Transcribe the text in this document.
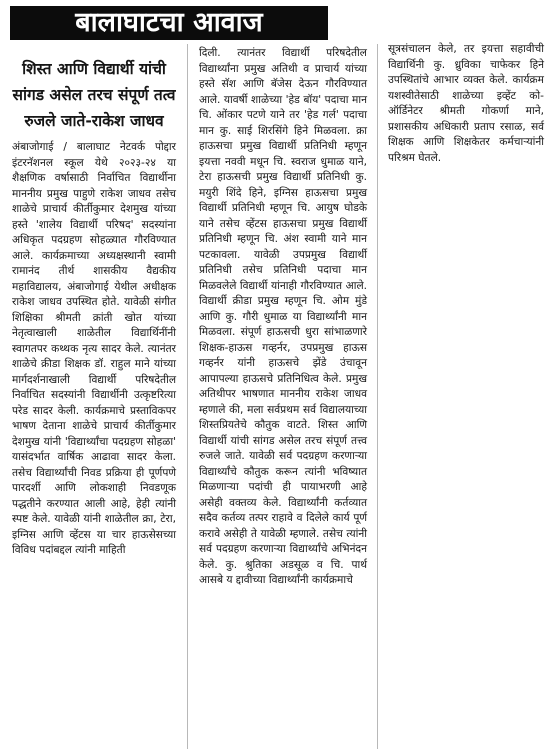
बालाघाटचा आवाज
शिस्त आणि विद्यार्थी यांची
सांगड असेल तरच संपूर्ण तत्व
रुजले जाते-राकेश जाधव

अंबाजोगाई / बालाघाट नेटवर्क पोद्दार इंटरनॅशनल स्कूल येथे २०२३-२४ या शैक्षणिक वर्षासाठी निर्वाचित विद्यार्थीना माननीय प्रमुख पाहुणे राकेश जाधव तसेच शाळेचे प्राचार्य कीर्तीकुमार देशमुख यांच्या हस्ते 'शालेय विद्यार्थी परिषद' सदस्यांना अधिकृत पदग्रहण सोहळ्यात गौरविण्यात आले. कार्यक्रमाच्या अध्यक्षस्थानी स्वामी रामानंद तीर्थ शासकीय वैद्यकीय महाविद्यालय, अंबाजोगाई येथील अधीक्षक राकेश जाधव उपस्थित होते. यावेळी संगीत शिक्षिका श्रीमती क्रांती खोत यांच्या नेतृत्वाखाली शाळेतील विद्यार्थिनींनी स्वागतपर कथ्थक नृत्य सादर केले. त्यानंतर शाळेचे क्रीडा शिक्षक डॉ. राहुल माने यांच्या मार्गदर्शनाखाली विद्यार्थी परिषदेतील निर्वाचित सदस्यांनी विद्यार्थीनी उत्कृष्टरित्या परेड सादर केली. कार्यक्रमाचे प्रस्ताविकपर भाषण देताना शाळेचे प्राचार्य कीर्तीकुमार देशमुख यांनी 'विद्यार्थ्यांचा पदग्रहण सोहळा' यासंदर्भात वार्षिक आढावा सादर केला. तसेच विद्यार्थ्यांची निवड प्रक्रिया ही पूर्णपणे पारदर्शी आणि लोकशाही निवडणूक पद्धतीने करण्यात आली आहे, हेही त्यांनी स्पष्ट केले. यावेळी यांनी शाळेतील क्रा, टेरा, इग्निस आणि व्हेंटस या चार हाऊसेसच्या विविध पदांबद्दल त्यांनी माहिती

दिली. त्यानंतर विद्यार्थी परिषदेतील विद्यार्थ्यांना प्रमुख अतिथी व प्राचार्य यांच्या हस्ते सॅश आणि बॅजेस देऊन गौरविण्यात आले. यावर्षी शाळेच्या 'हेड बॉय' पदाचा मान चि. ओंकार पटणे याने तर 'हेड गर्ल' पदाचा मान कु. साई शिरसिंगे हिने मिळवला. क्रा हाऊसचा प्रमुख विद्यार्थी प्रतिनिधी म्हणून इयत्ता नववी मधून चि. स्वराज धुमाळ याने, टेरा हाऊसची प्रमुख विद्यार्थी प्रतिनिधी कु. मयुरी शिंदे हिने, इग्निस हाऊसचा प्रमुख विद्यार्थी प्रतिनिधी म्हणून चि. आयुष घोडके याने तसेच व्हेंटस हाऊसचा प्रमुख विद्यार्थी प्रतिनिधी म्हणून चि. अंश स्वामी याने मान पटकावला. यावेळी उपप्रमुख विद्यार्थी प्रतिनिधी तसेच प्रतिनिधी पदाचा मान मिळवलेले विद्यार्थी यांनाही गौरविण्यात आले. विद्यार्थी क्रीडा प्रमुख म्हणून चि. ओम मुंडे आणि कु. गौरी धुमाळ या विद्यार्थ्यांनी मान मिळवला. संपूर्ण हाऊसची धुरा सांभाळणारे शिक्षक-हाऊस गव्हर्नर, उपप्रमुख हाऊस गव्हर्नर यांनी हाऊसचे झेंडे उंचावून आपापल्या हाऊसचे प्रतिनिधित्व केले. प्रमुख अतिथीपर भाषणात माननीय राकेश जाधव म्हणाले की, मला सर्वप्रथम सर्व विद्यालयाच्या शिस्तप्रियतेचे कौतुक वाटते. शिस्त आणि विद्यार्थी यांची सांगड असेल तरच संपूर्ण तत्त्व रुजले जाते. यावेळी सर्व पदग्रहण करणाऱ्या विद्यार्थ्यांचे कौतुक करून त्यांनी भविष्यात मिळणाऱ्या पदांची ही पायाभरणी आहे असेही वक्तव्य केले. विद्यार्थ्यांनी कर्तव्यात सदैव कर्तव्य तत्पर राहावे व दिलेले कार्य पूर्ण करावे असेही ते यावेळी म्हणाले. तसेच त्यांनी सर्व पदग्रहण करणाऱ्या विद्यार्थ्यांचे अभिनंदन केले. कु. श्रुतिका अडसूळ व चि. पार्थ आसबे य द्दावीच्या विद्यार्थ्यांनी कार्यक्रमाचे

सूत्रसंचालन केले, तर इयत्ता सहावीची विद्यार्थिनी कु. ध्रुविका चाफेकर हिने उपस्थितांचे आभार व्यक्त केले. कार्यक्रम यशस्वीतेसाठी शाळेच्या इव्हेंट को-ऑर्डिनेटर श्रीमती गोकर्णा माने, प्रशासकीय अधिकारी प्रताप रसाळ, सर्व शिक्षक आणि शिक्षकेतर कर्मचाऱ्यांनी परिश्रम घेतले.
